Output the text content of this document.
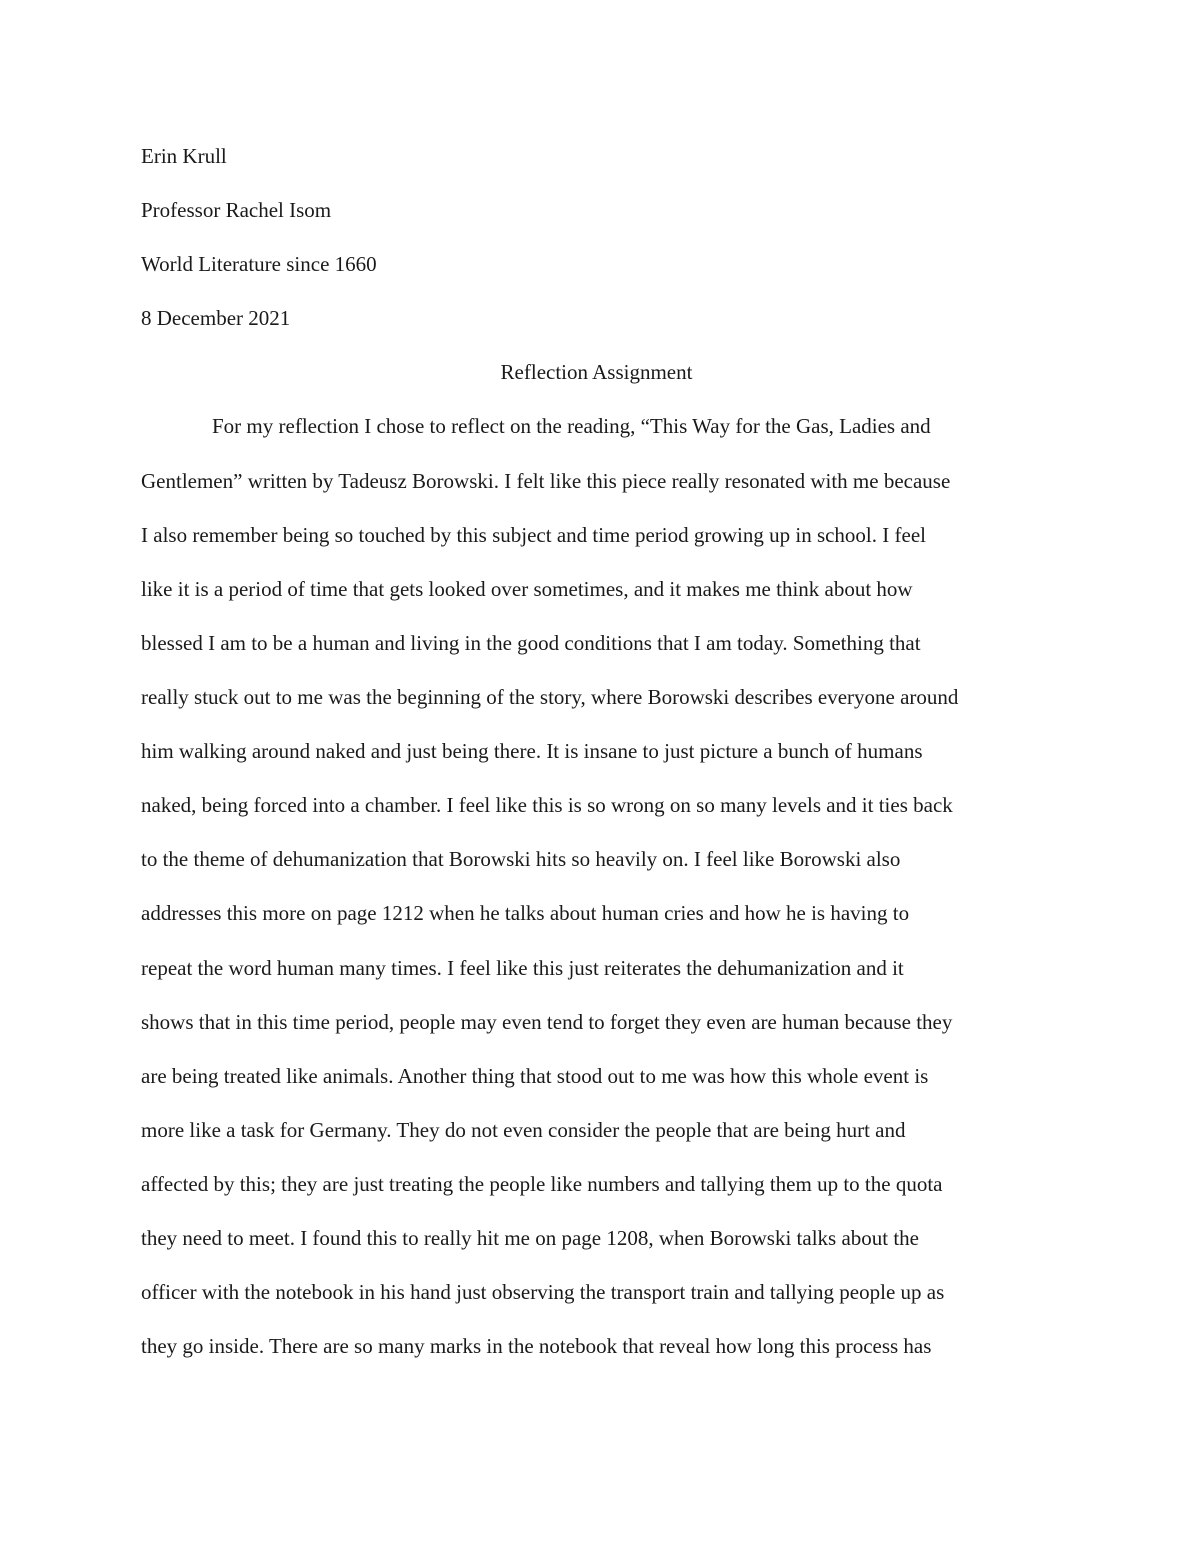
Erin Krull
Professor Rachel Isom
World Literature since 1660
8 December 2021
Reflection Assignment
For my reflection I chose to reflect on the reading, “This Way for the Gas, Ladies and
Gentlemen” written by Tadeusz Borowski. I felt like this piece really resonated with me because
I also remember being so touched by this subject and time period growing up in school. I feel
like it is a period of time that gets looked over sometimes, and it makes me think about how
blessed I am to be a human and living in the good conditions that I am today. Something that
really stuck out to me was the beginning of the story, where Borowski describes everyone around
him walking around naked and just being there. It is insane to just picture a bunch of humans
naked, being forced into a chamber. I feel like this is so wrong on so many levels and it ties back
to the theme of dehumanization that Borowski hits so heavily on. I feel like Borowski also
addresses this more on page 1212 when he talks about human cries and how he is having to
repeat the word human many times. I feel like this just reiterates the dehumanization and it
shows that in this time period, people may even tend to forget they even are human because they
are being treated like animals. Another thing that stood out to me was how this whole event is
more like a task for Germany. They do not even consider the people that are being hurt and
affected by this; they are just treating the people like numbers and tallying them up to the quota
they need to meet. I found this to really hit me on page 1208, when Borowski talks about the
officer with the notebook in his hand just observing the transport train and tallying people up as
they go inside. There are so many marks in the notebook that reveal how long this process has
